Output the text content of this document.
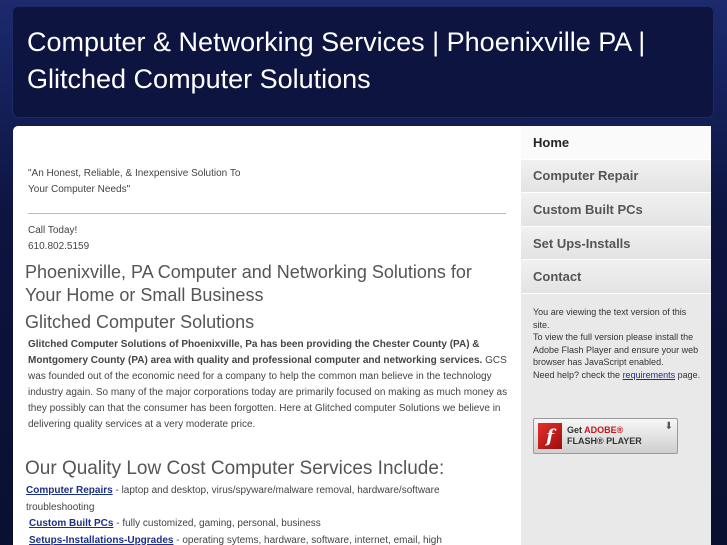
Computer & Networking Services | Phoenixville PA | Glitched Computer Solutions
"An Honest, Reliable, & Inexpensive Solution To Your Computer Needs"
Call Today!
610.802.5159
Phoenixville, PA Computer and Networking Solutions for Your Home or Small Business
Glitched Computer Solutions
Glitched Computer Solutions of Phoenixville, Pa has been providing the Chester County (PA) & Montgomery County (PA) area with quality and professional computer and networking services. GCS was founded out of the economic need for a company to help the common man believe in the technology industry again. So many of the major corporations today are primarily focused on making as much money as they possibly can that the consumer has been forgotten. Here at Glitched computer Solutions we believe in delivering quality services at a very moderate price.
Our Quality Low Cost Computer Services Include:
Computer Repairs - laptop and desktop, virus/spyware/malware removal, hardware/software troubleshooting
Custom Built PCs - fully customized, gaming, personal, business
Setups-Installations-Upgrades - operating sytems, hardware, software, internet, email, high
Home
Computer Repair
Custom Built PCs
Set Ups-Installs
Contact
You are viewing the text version of this site.
To view the full version please install the Adobe Flash Player and ensure your web browser has JavaScript enabled.
Need help? check the requirements page.
f	Get ADOBE®
FLASH® PLAYER
⬇
